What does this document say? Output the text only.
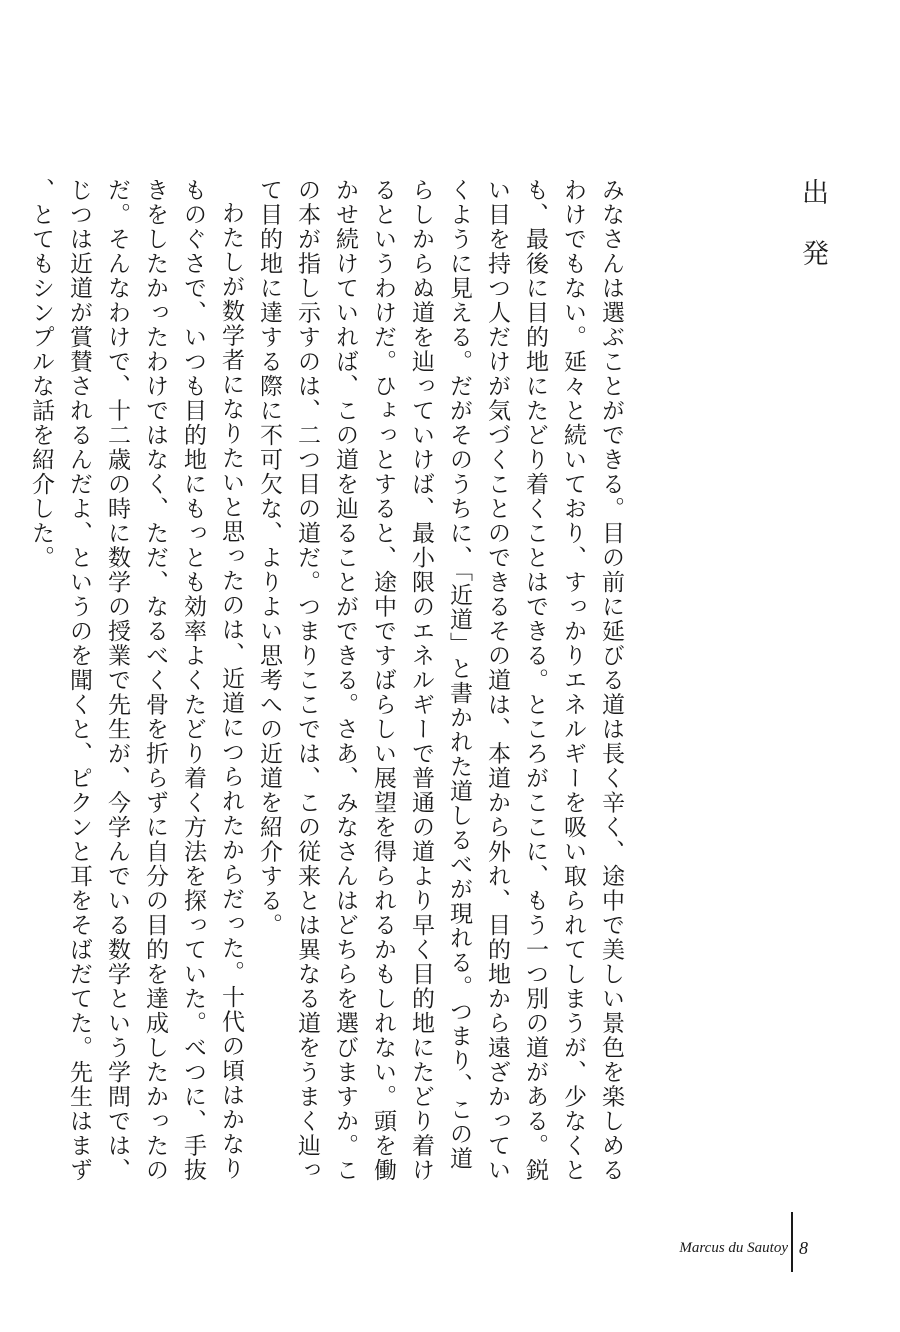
出発

みなさんは選ぶことができる。目の前に延びる道は長く辛く、途中で美しい景色を楽しめるわけでもない。延々と続いており、すっかりエネルギーを吸い取られてしまうが、少なくとも、最後に目的地にたどり着くことはできる。ところがここに、もう一つ別の道がある。鋭い目を持つ人だけが気づくことのできるその道は、本道から外れ、目的地から遠ざかっていくように見える。だがそのうちに、「近道」と書かれた道しるべが現れる。つまり、この道らしからぬ道を辿っていけば、最小限のエネルギーで普通の道より早く目的地にたどり着けるというわけだ。ひょっとすると、途中ですばらしい展望を得られるかもしれない。頭を働かせ続けていれば、この道を辿ることができる。さあ、みなさんはどちらを選びますか。この本が指し示すのは、二つ目の道だ。つまりここでは、この従来とは異なる道をうまく辿って目的地に達する際に不可欠な、よりよい思考への近道を紹介する。

わたしが数学者になりたいと思ったのは、近道につられたからだった。十代の頃はかなりものぐさで、いつも目的地にもっとも効率よくたどり着く方法を探っていた。べつに、手抜きをしたかったわけではなく、ただ、なるべく骨を折らずに自分の目的を達成したかったのだ。そんなわけで、十二歳の時に数学の授業で先生が、今学んでいる数学という学問では、じつは近道が賞賛されるんだよ、というのを聞くと、ピクンと耳をそばだてた。先生はまず、とてもシンプルな話を紹介した。

Marcus du Sautoy 8
